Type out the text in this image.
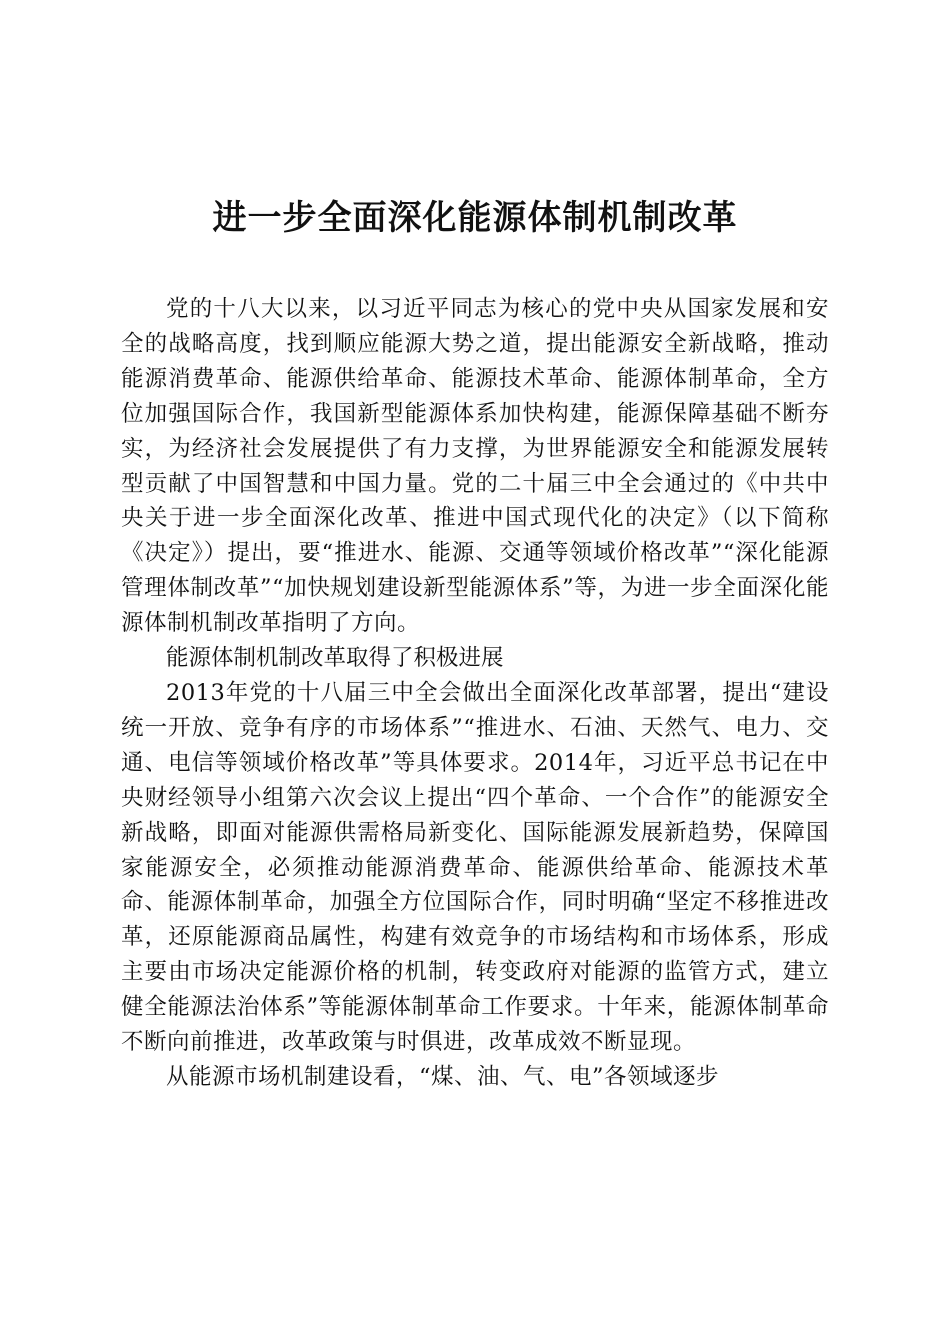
进一步全面深化能源体制机制改革

党的十八大以来，以习近平同志为核心的党中央从国家发展和安全的战略高度，找到顺应能源大势之道，提出能源安全新战略，推动能源消费革命、能源供给革命、能源技术革命、能源体制革命，全方位加强国际合作，我国新型能源体系加快构建，能源保障基础不断夯实，为经济社会发展提供了有力支撑，为世界能源安全和能源发展转型贡献了中国智慧和中国力量。党的二十届三中全会通过的《中共中央关于进一步全面深化改革、推进中国式现代化的决定》（以下简称《决定》）提出，要“推进水、能源、交通等领域价格改革”“深化能源管理体制改革”“加快规划建设新型能源体系”等，为进一步全面深化能源体制机制改革指明了方向。

能源体制机制改革取得了积极进展

2013年党的十八届三中全会做出全面深化改革部署，提出“建设统一开放、竞争有序的市场体系”“推进水、石油、天然气、电力、交通、电信等领域价格改革”等具体要求。2014年，习近平总书记在中央财经领导小组第六次会议上提出“四个革命、一个合作”的能源安全新战略，即面对能源供需格局新变化、国际能源发展新趋势，保障国家能源安全，必须推动能源消费革命、能源供给革命、能源技术革命、能源体制革命，加强全方位国际合作，同时明确“坚定不移推进改革，还原能源商品属性，构建有效竞争的市场结构和市场体系，形成主要由市场决定能源价格的机制，转变政府对能源的监管方式，建立健全能源法治体系”等能源体制革命工作要求。十年来，能源体制革命不断向前推进，改革政策与时俱进，改革成效不断显现。

从能源市场机制建设看，“煤、油、气、电”各领域逐步
